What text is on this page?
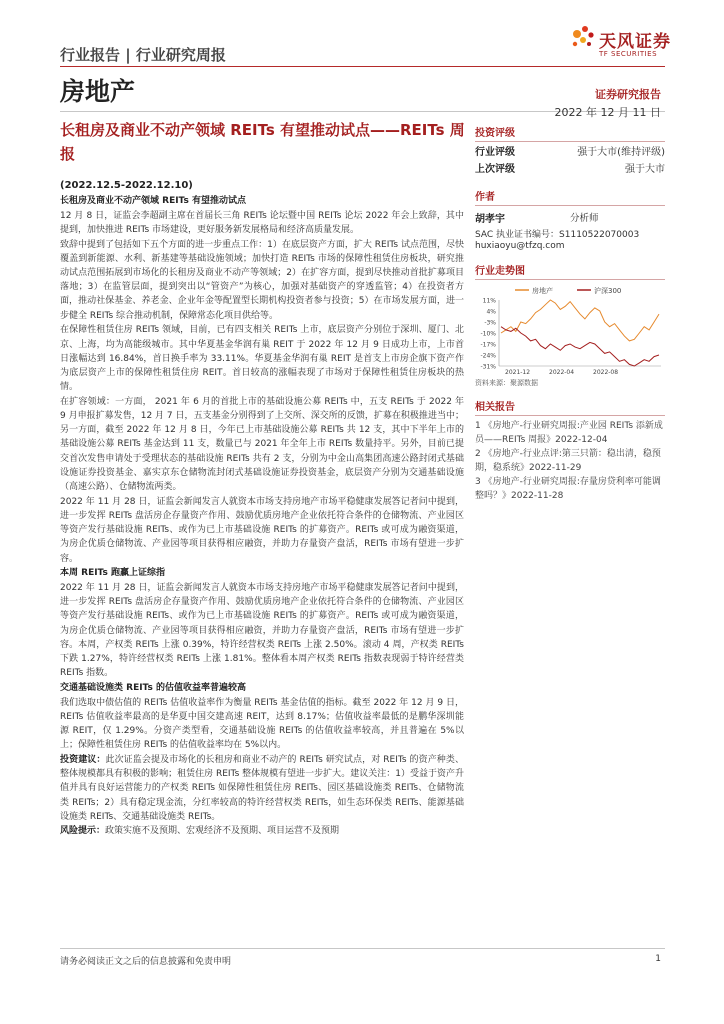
行业报告 | 行业研究周报
天风证券
TF SECURITIES
房地产	证券研究报告
2022 年 12 月 11 日
长租房及商业不动产领域 REITs 有望推动试点——REITs 周报
(2022.12.5-2022.12.10)

长租房及商业不动产领域 REITs 有望推动试点

12 月 8 日，证监会李超副主席在首届长三角 REITs 论坛暨中国 REITs 论坛 2022 年会上致辞，其中提到，加快推进 REITs 市场建设，更好服务新发展格局和经济高质量发展。

致辞中提到了包括如下五个方面的进一步重点工作：1）在底层资产方面，扩大 REITs 试点范围，尽快覆盖到新能源、水利、新基建等基础设施领域；加快打造 REITs 市场的保障性租赁住房板块，研究推动试点范围拓展到市场化的长租房及商业不动产等领域；2）在扩容方面，提到尽快推动首批扩募项目落地；3）在监管层面，提到突出以“管资产”为核心，加强对基础资产的穿透监管；4）在投资者方面，推动社保基金、养老金、企业年金等配置型长期机构投资者参与投资；5）在市场发展方面，进一步健全 REITs 综合推动机制，保障常态化项目供给等。

在保障性租赁住房 REITs 领域，目前，已有四支相关 REITs 上市，底层资产分别位于深圳、厦门、北京、上海，均为高能级城市。其中华夏基金华润有巢 REIT 于 2022 年 12 月 9 日成功上市，上市首日涨幅达到 16.84%，首日换手率为 33.11%。华夏基金华润有巢 REIT 是首支上市房企旗下资产作为底层资产上市的保障性租赁住房 REIT。首日较高的涨幅表现了市场对于保障性租赁住房板块的热情。

在扩容领域：一方面， 2021 年 6 月的首批上市的基础设施公募 REITs 中，五支 REITs 于 2022 年 9 月申报扩募发售，12 月 7 日，五支基金分别得到了上交所、深交所的反馈，扩募在积极推进当中；另一方面，截至 2022 年 12 月 8 日，今年已上市基础设施公募 REITs 共 12 支，其中下半年上市的基础设施公募 REITs 基金达到 11 支，数量已与 2021 年全年上市 REITs 数量持平。另外，目前已提交首次发售申请处于受理状态的基础设施 REITs 共有 2 支，分别为中金山高集团高速公路封闭式基础设施证券投资基金、嘉实京东仓储物流封闭式基础设施证券投资基金，底层资产分别为交通基础设施（高速公路）、仓储物流两类。

2022 年 11 月 28 日，证监会新闻发言人就资本市场支持房地产市场平稳健康发展答记者问中提到，进一步发挥 REITs 盘活房企存量资产作用、鼓励优质房地产企业依托符合条件的仓储物流、产业园区等资产发行基础设施 REITs、或作为已上市基础设施 REITs 的扩募资产。REITs 或可成为融资渠道，为房企优质仓储物流、产业园等项目获得相应融资，并助力存量资产盘活，REITs 市场有望进一步扩容。

本周 REITs 跑赢上证综指

2022 年 11 月 28 日，证监会新闻发言人就资本市场支持房地产市场平稳健康发展答记者问中提到，进一步发挥 REITs 盘活房企存量资产作用、鼓励优质房地产企业依托符合条件的仓储物流、产业园区等资产发行基础设施 REITs、或作为已上市基础设施 REITs 的扩募资产。REITs 或可成为融资渠道，为房企优质仓储物流、产业园等项目获得相应融资，并助力存量资产盘活，REITs 市场有望进一步扩容。本周，产权类 REITs 上涨 0.39%，特许经营权类 REITs 上涨 2.50%。滚动 4 周，产权类 REITs 下跌 1.27%，特许经营权类 REITs 上涨 1.81%。整体看本周产权类 REITs 指数表现弱于特许经营类 REITs 指数。

交通基础设施类 REITs 的估值收益率普遍较高

我们选取中债估值的 REITs 估值收益率作为衡量 REITs 基金估值的指标。截至 2022 年 12 月 9 日，REITs 估值收益率最高的是华夏中国交建高速 REIT，达到 8.17%；估值收益率最低的是鹏华深圳能源 REIT，仅 1.29%。分资产类型看，交通基础设施 REITs 的估值收益率较高，并且普遍在 5%以上；保障性租赁住房 REITs 的估值收益率均在 5%以内。

投资建议：此次证监会提及市场化的长租房和商业不动产的 REITs 研究试点，对 REITs 的资产种类、整体规模都具有积极的影响；租赁住房 REITs 整体规模有望进一步扩大。建议关注：1）受益于资产升值并具有良好运营能力的产权类 REITs 如保障性租赁住房 REITs、园区基础设施类 REITs、仓储物流类 REITs；2）具有稳定现金流，分红率较高的特许经营权类 REITs，如生态环保类 REITs、能源基础设施类 REITs、交通基础设施类 REITs。

风险提示：政策实施不及预期、宏观经济不及预期、项目运营不及预期

投资评级
行业评级	强于大市(维持评级)
上次评级	强于大市
作者
胡孝宇	分析师
SAC 执业证书编号：S1110522070003
huxiaoyu@tfzq.com
行业走势图
房地产	沪深300
11%
4%
-3%
-10%
-17%
-24%
-31%
2021-12	2022-04	2022-08
资料来源：聚源数据
相关报告
1 《房地产-行业研究周报:产业园 REITs 添新成员——REITs 周报》2022-12-04
2 《房地产-行业点评:第三只箭：稳出清，稳预期，稳系统》2022-11-29
3 《房地产-行业研究周报:存量房贷利率可能调整吗？》2022-11-28
请务必阅读正文之后的信息披露和免责申明	1
